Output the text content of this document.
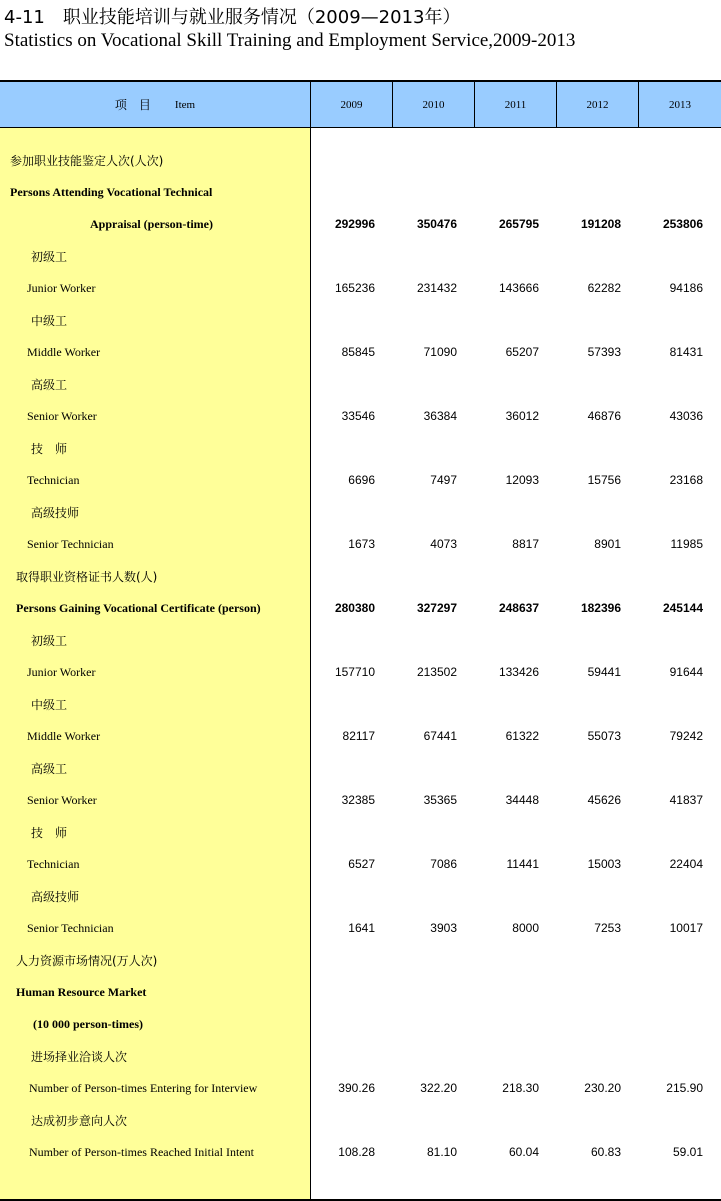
4-11　职业技能培训与就业服务情况（2009—2013年）
Statistics on Vocational Skill Training and Employment Service,2009-2013
项　目 Item	2009	2010	2011	2012	2013
参加职业技能鉴定人次(人次)
Persons Attending Vocational Technical
Appraisal (person-time)	292996	350476	265795	191208	253806
初级工
Junior Worker	165236	231432	143666	62282	94186
中级工
Middle Worker	85845	71090	65207	57393	81431
高级工
Senior Worker	33546	36384	36012	46876	43036
技　师
Technician	6696	7497	12093	15756	23168
高级技师
Senior Technician	1673	4073	8817	8901	11985
取得职业资格证书人数(人)
Persons Gaining Vocational Certificate (person)	280380	327297	248637	182396	245144
初级工
Junior Worker	157710	213502	133426	59441	91644
中级工
Middle Worker	82117	67441	61322	55073	79242
高级工
Senior Worker	32385	35365	34448	45626	41837
技　师
Technician	6527	7086	11441	15003	22404
高级技师
Senior Technician	1641	3903	8000	7253	10017
人力资源市场情况(万人次)
Human Resource Market
(10 000 person-times)
进场择业洽谈人次
Number of Person-times Entering for Interview	390.26	322.20	218.30	230.20	215.90
达成初步意向人次
Number of Person-times Reached Initial Intent	108.28	81.10	60.04	60.83	59.01
